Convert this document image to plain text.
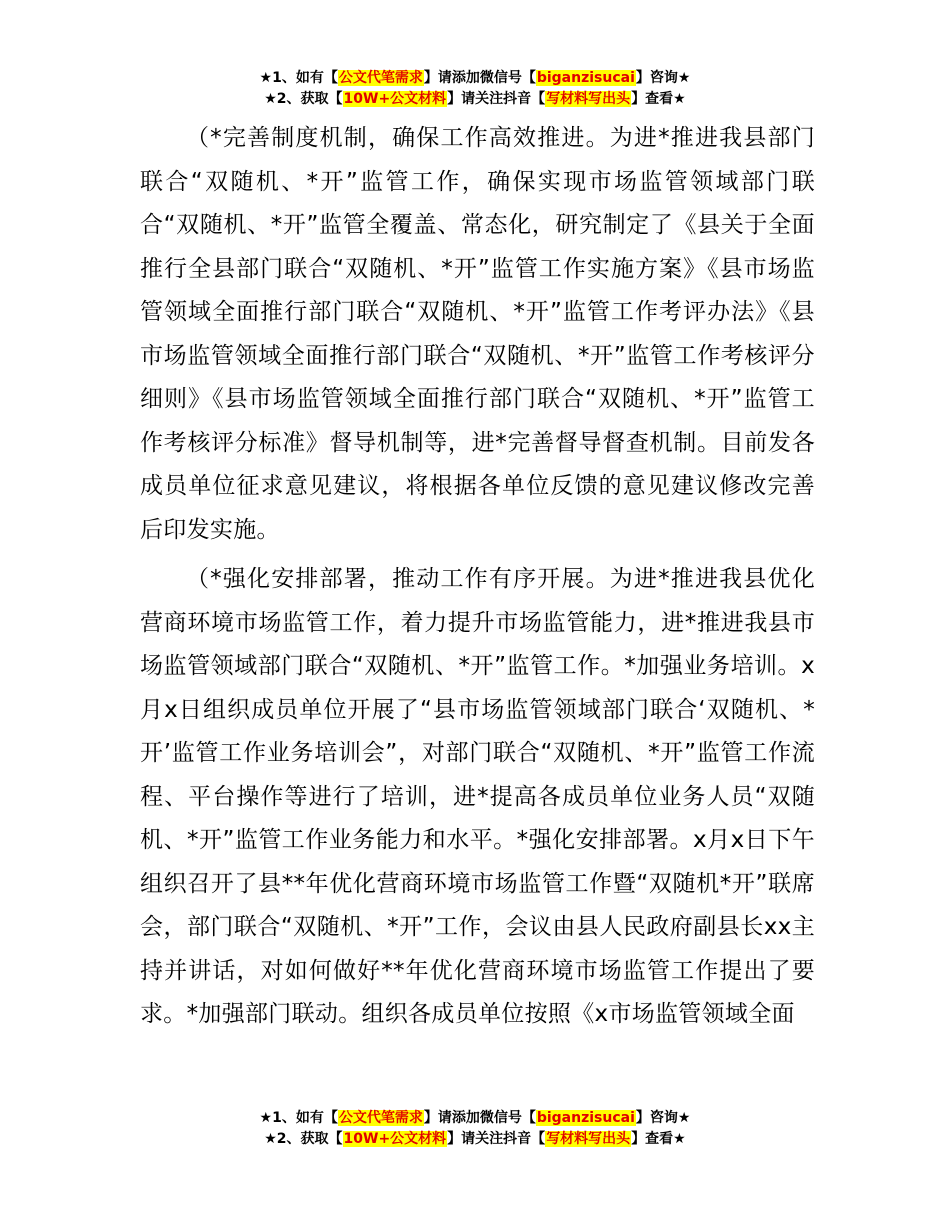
★1、如有【公文代笔需求】请添加微信号【biganzisucai】咨询★
★2、获取【10W+公文材料】请关注抖音【写材料写出头】查看★

（*完善制度机制，确保工作高效推进。为进*推进我县部门联合“双随机、*开”监管工作，确保实现市场监管领域部门联合“双随机、*开”监管全覆盖、常态化，研究制定了《县关于全面推行全县部门联合“双随机、*开”监管工作实施方案》《县市场监管领域全面推行部门联合“双随机、*开”监管工作考评办法》《县市场监管领域全面推行部门联合“双随机、*开”监管工作考核评分细则》《县市场监管领域全面推行部门联合“双随机、*开”监管工作考核评分标准》督导机制等，进*完善督导督查机制。目前发各成员单位征求意见建议，将根据各单位反馈的意见建议修改完善后印发实施。

（*强化安排部署，推动工作有序开展。为进*推进我县优化营商环境市场监管工作，着力提升市场监管能力，进*推进我县市场监管领域部门联合“双随机、*开”监管工作。*加强业务培训。x月x日组织成员单位开展了“县市场监管领域部门联合‘双随机、*开’监管工作业务培训会”，对部门联合“双随机、*开”监管工作流程、平台操作等进行了培训，进*提高各成员单位业务人员“双随机、*开”监管工作业务能力和水平。*强化安排部署。x月x日下午组织召开了县**年优化营商环境市场监管工作暨“双随机*开”联席会，部门联合“双随机、*开”工作，会议由县人民政府副县长xx主持并讲话，对如何做好**年优化营商环境市场监管工作提出了要求。*加强部门联动。组织各成员单位按照《x市场监管领域全面

★1、如有【公文代笔需求】请添加微信号【biganzisucai】咨询★
★2、获取【10W+公文材料】请关注抖音【写材料写出头】查看★
